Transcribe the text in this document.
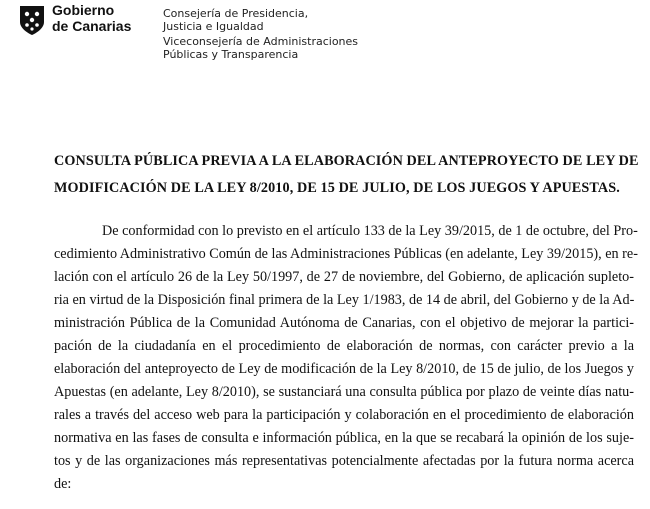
Gobierno
de Canarias
Consejería de Presidencia,
Justicia e Igualdad
Viceconsejería de Administraciones
Públicas y Transparencia
CONSULTA PÚBLICA PREVIA A LA ELABORACIÓN DEL ANTEPROYECTO DE LEY DE
MODIFICACIÓN DE LA LEY 8/2010, DE 15 DE JULIO, DE LOS JUEGOS Y APUESTAS.
De conformidad con lo previsto en el artículo 133 de la Ley 39/2015, de 1 de octubre, del Pro-
cedimiento Administrativo Común de las Administraciones Públicas (en adelante, Ley 39/2015), en re-
lación con el artículo 26 de la Ley 50/1997, de 27 de noviembre, del Gobierno, de aplicación supleto-
ria en virtud de la Disposición final primera de la Ley 1/1983, de 14 de abril, del Gobierno y de la Ad-
ministración Pública de la Comunidad Autónoma de Canarias, con el objetivo de mejorar la partici-
pación de la ciudadanía en el procedimiento de elaboración de normas, con carácter previo a la
elaboración del anteproyecto de Ley de modificación de la Ley 8/2010, de 15 de julio, de los Juegos y
Apuestas (en adelante, Ley 8/2010), se sustanciará una consulta pública por plazo de veinte días natu-
rales a través del acceso web para la participación y colaboración en el procedimiento de elaboración
normativa en las fases de consulta e información pública, en la que se recabará la opinión de los suje-
tos y de las organizaciones más representativas potencialmente afectadas por la futura norma acerca
de:
